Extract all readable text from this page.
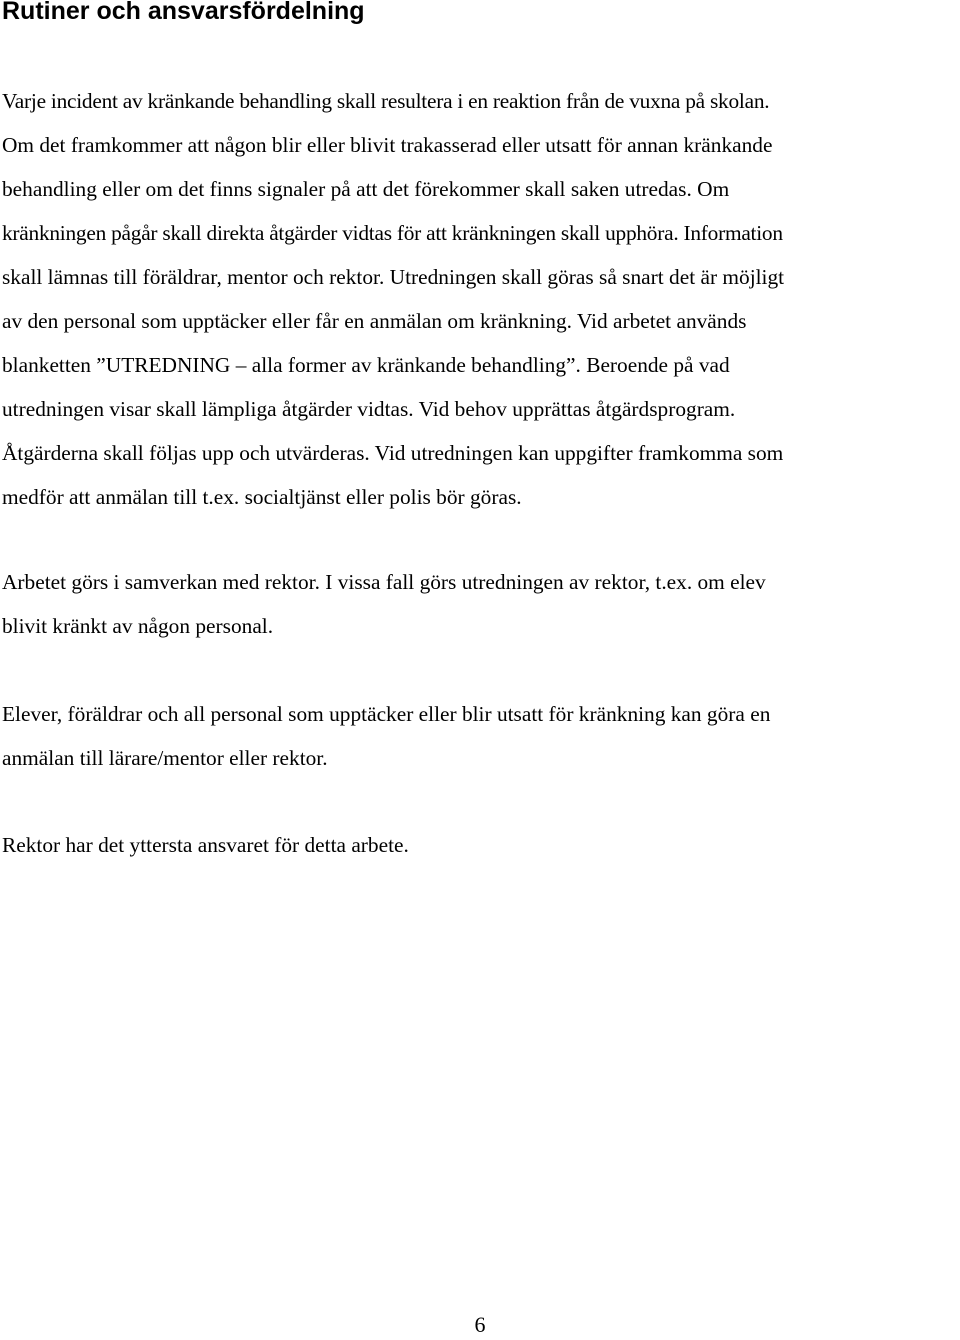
Rutiner och ansvarsfördelning
Varje incident av kränkande behandling skall resultera i en reaktion från de vuxna på skolan.
Om det framkommer att någon blir eller blivit trakasserad eller utsatt för annan kränkande
behandling eller om det finns signaler på att det förekommer skall saken utredas. Om
kränkningen pågår skall direkta åtgärder vidtas för att kränkningen skall upphöra. Information
skall lämnas till föräldrar, mentor och rektor. Utredningen skall göras så snart det är möjligt
av den personal som upptäcker eller får en anmälan om kränkning. Vid arbetet används
blanketten ”UTREDNING – alla former av kränkande behandling”. Beroende på vad
utredningen visar skall lämpliga åtgärder vidtas. Vid behov upprättas åtgärdsprogram.
Åtgärderna skall följas upp och utvärderas. Vid utredningen kan uppgifter framkomma som
medför att anmälan till t.ex. socialtjänst eller polis bör göras.
Arbetet görs i samverkan med rektor. I vissa fall görs utredningen av rektor, t.ex. om elev
blivit kränkt av någon personal.
Elever, föräldrar och all personal som upptäcker eller blir utsatt för kränkning kan göra en
anmälan till lärare/mentor eller rektor.
Rektor har det yttersta ansvaret för detta arbete.
6
